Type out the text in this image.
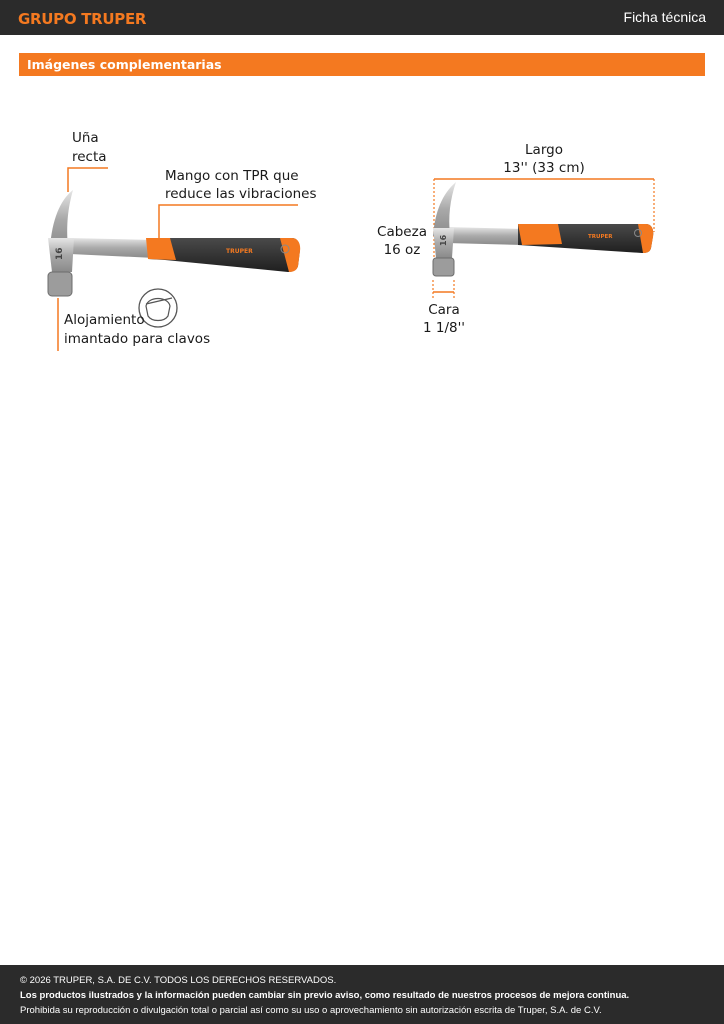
GRUPO TRUPER	Ficha técnica
Imágenes complementarias
16	TRUPER
Uña
recta
Mango con TPR que
reduce las vibraciones
Alojamiento
imantado para clavos
Largo
13'' (33 cm)
16	TRUPER
Cabeza
16 oz
Cara
1 1/8''
© 2026 TRUPER, S.A. DE C.V. TODOS LOS DERECHOS RESERVADOS.
Los productos ilustrados y la información pueden cambiar sin previo aviso, como resultado de nuestros procesos de mejora continua.
Prohibida su reproducción o divulgación total o parcial así como su uso o aprovechamiento sin autorización escrita de Truper, S.A. de C.V.
